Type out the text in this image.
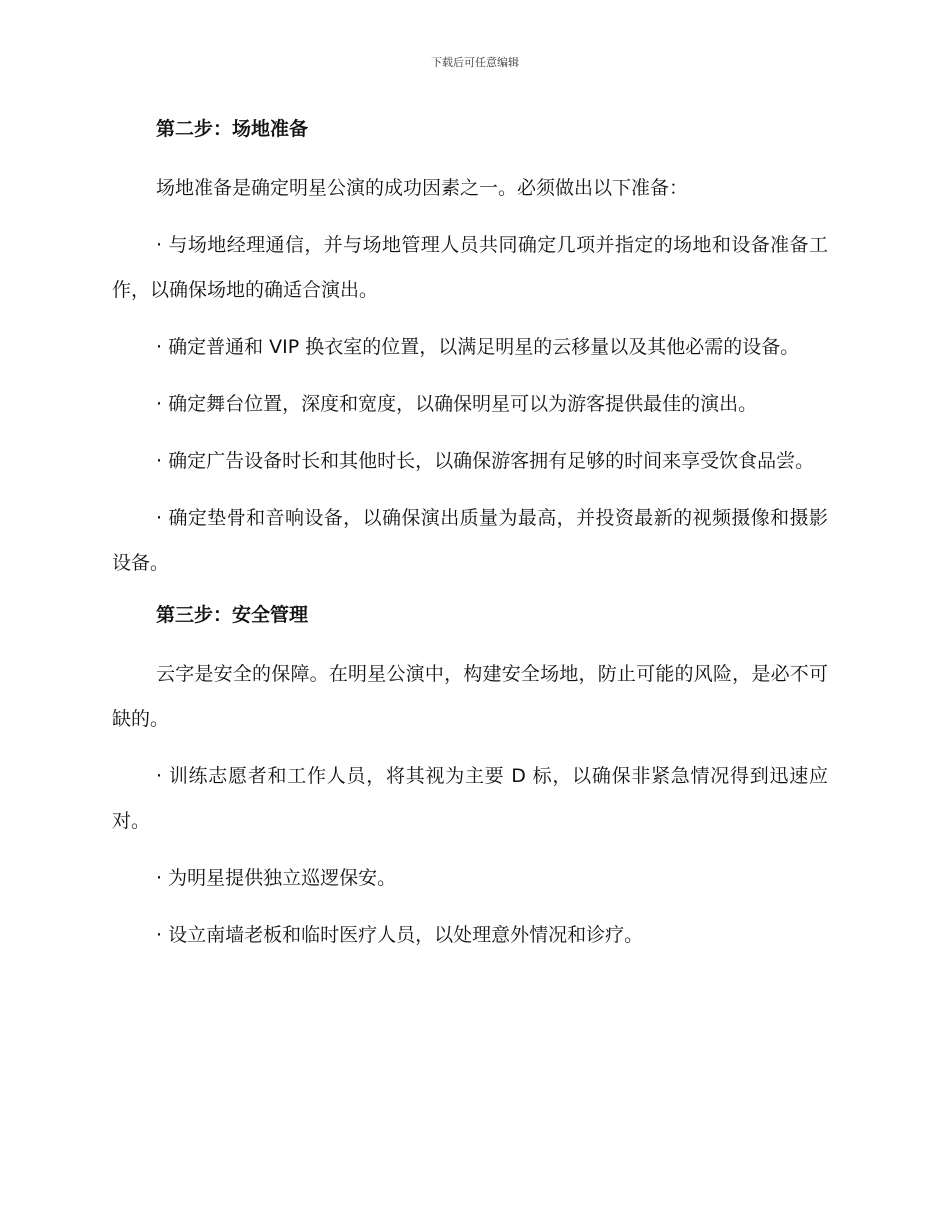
下载后可任意编辑
第二步：场地准备

场地准备是确定明星公演的成功因素之一。必须做出以下准备：

· 与场地经理通信，并与场地管理人员共同确定几项并指定的场地和设备准备工作，以确保场地的确适合演出。

· 确定普通和 VIP 换衣室的位置，以满足明星的云移量以及其他必需的设备。

· 确定舞台位置，深度和宽度，以确保明星可以为游客提供最佳的演出。

· 确定广告设备时长和其他时长，以确保游客拥有足够的时间来享受饮食品尝。

· 确定垫骨和音响设备，以确保演出质量为最高，并投资最新的视频摄像和摄影设备。

第三步：安全管理

云字是安全的保障。在明星公演中，构建安全场地，防止可能的风险，是必不可缺的。

· 训练志愿者和工作人员，将其视为主要 D 标，以确保非紧急情况得到迅速应对。

· 为明星提供独立巡逻保安。

· 设立南墙老板和临时医疗人员，以处理意外情况和诊疗。
